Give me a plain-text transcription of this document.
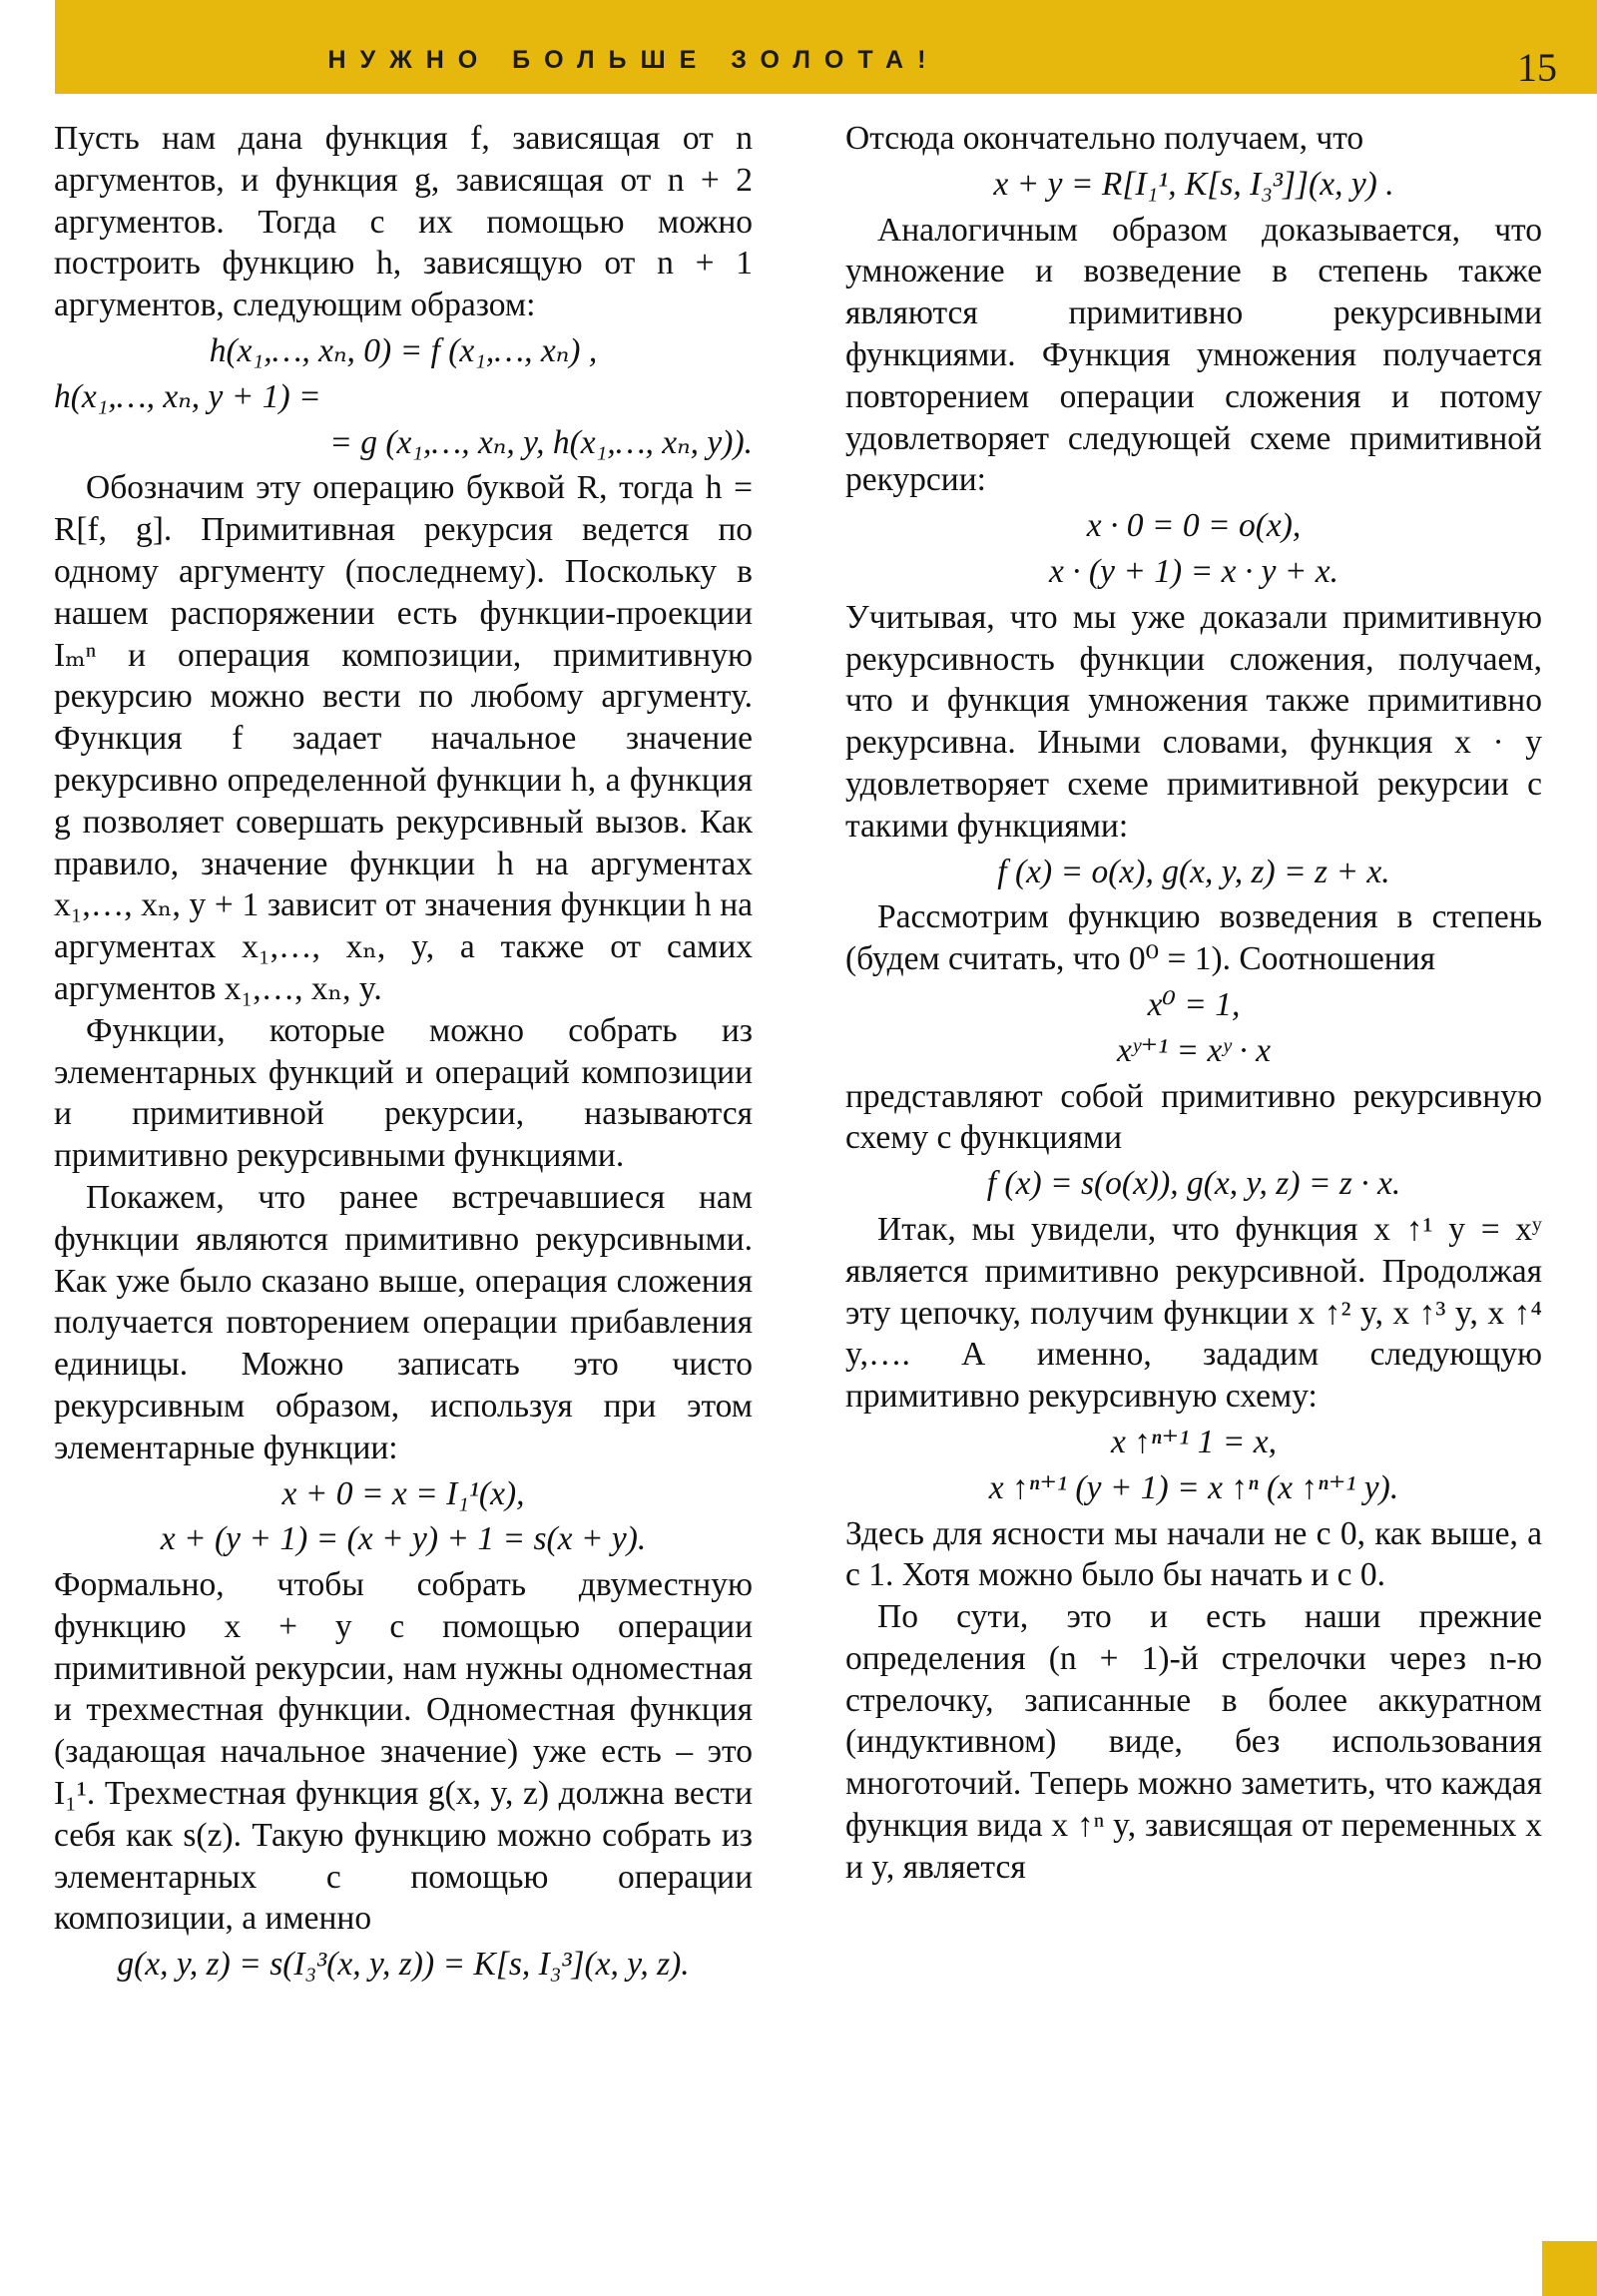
НУЖНО БОЛЬШЕ ЗОЛОТА!	15

Пусть нам дана функция f, зависящая от n аргументов, и функция g, зависящая от n + 2 аргументов. Тогда с их помощью можно построить функцию h, зависящую от n + 1 аргументов, следующим образом:

h(x₁,…, xₙ, 0) = f (x₁,…, xₙ) ,
h(x₁,…, xₙ, y + 1) =
= g (x₁,…, xₙ, y, h(x₁,…, xₙ, y)).

Обозначим эту операцию буквой R, тогда h = R[f, g]. Примитивная рекурсия ведется по одному аргументу (последнему). Поскольку в нашем распоряжении есть функции-проекции Iₘⁿ и операция композиции, примитивную рекурсию можно вести по любому аргументу. Функция f задает начальное значение рекурсивно определенной функции h, а функция g позволяет совершать рекурсивный вызов. Как правило, значение функции h на аргументах x₁,…, xₙ, y + 1 зависит от значения функции h на аргументах x₁,…, xₙ, y, а также от самих аргументов x₁,…, xₙ, y.

Функции, которые можно собрать из элементарных функций и операций композиции и примитивной рекурсии, называются примитивно рекурсивными функциями.

Покажем, что ранее встречавшиеся нам функции являются примитивно рекурсивными. Как уже было сказано выше, операция сложения получается повторением операции прибавления единицы. Можно записать это чисто рекурсивным образом, используя при этом элементарные функции:

x + 0 = x = I₁¹(x),
x + (y + 1) = (x + y) + 1 = s(x + y).

Формально, чтобы собрать двуместную функцию x + y с помощью операции примитивной рекурсии, нам нужны одноместная и трехместная функции. Одноместная функция (задающая начальное значение) уже есть – это I₁¹. Трехместная функция g(x, y, z) должна вести себя как s(z). Такую функцию можно собрать из элементарных с помощью операции композиции, а именно

g(x, y, z) = s(I₃³(x, y, z)) = K[s, I₃³](x, y, z).

Отсюда окончательно получаем, что

x + y = R[I₁¹, K[s, I₃³]](x, y) .

Аналогичным образом доказывается, что умножение и возведение в степень также являются примитивно рекурсивными функциями. Функция умножения получается повторением операции сложения и потому удовлетворяет следующей схеме примитивной рекурсии:

x · 0 = 0 = o(x),
x · (y + 1) = x · y + x.

Учитывая, что мы уже доказали примитивную рекурсивность функции сложения, получаем, что и функция умножения также примитивно рекурсивна. Иными словами, функция x · y удовлетворяет схеме примитивной рекурсии с такими функциями:

f (x) = o(x), g(x, y, z) = z + x.

Рассмотрим функцию возведения в степень (будем считать, что 0⁰ = 1). Соотношения

x⁰ = 1,
xʸ⁺¹ = xʸ · x

представляют собой примитивно рекурсивную схему с функциями

f (x) = s(o(x)), g(x, y, z) = z · x.

Итак, мы увидели, что функция x ↑¹ y = xʸ является примитивно рекурсивной. Продолжая эту цепочку, получим функции x ↑² y, x ↑³ y, x ↑⁴ y,…. А именно, зададим следующую примитивно рекурсивную схему:

x ↑ⁿ⁺¹ 1 = x,
x ↑ⁿ⁺¹ (y + 1) = x ↑ⁿ (x ↑ⁿ⁺¹ y).

Здесь для ясности мы начали не с 0, как выше, а с 1. Хотя можно было бы начать и с 0.

По сути, это и есть наши прежние определения (n + 1)-й стрелочки через n-ю стрелочку, записанные в более аккуратном (индуктивном) виде, без использования многоточий. Теперь можно заметить, что каждая функция вида x ↑ⁿ y, зависящая от переменных x и y, является
